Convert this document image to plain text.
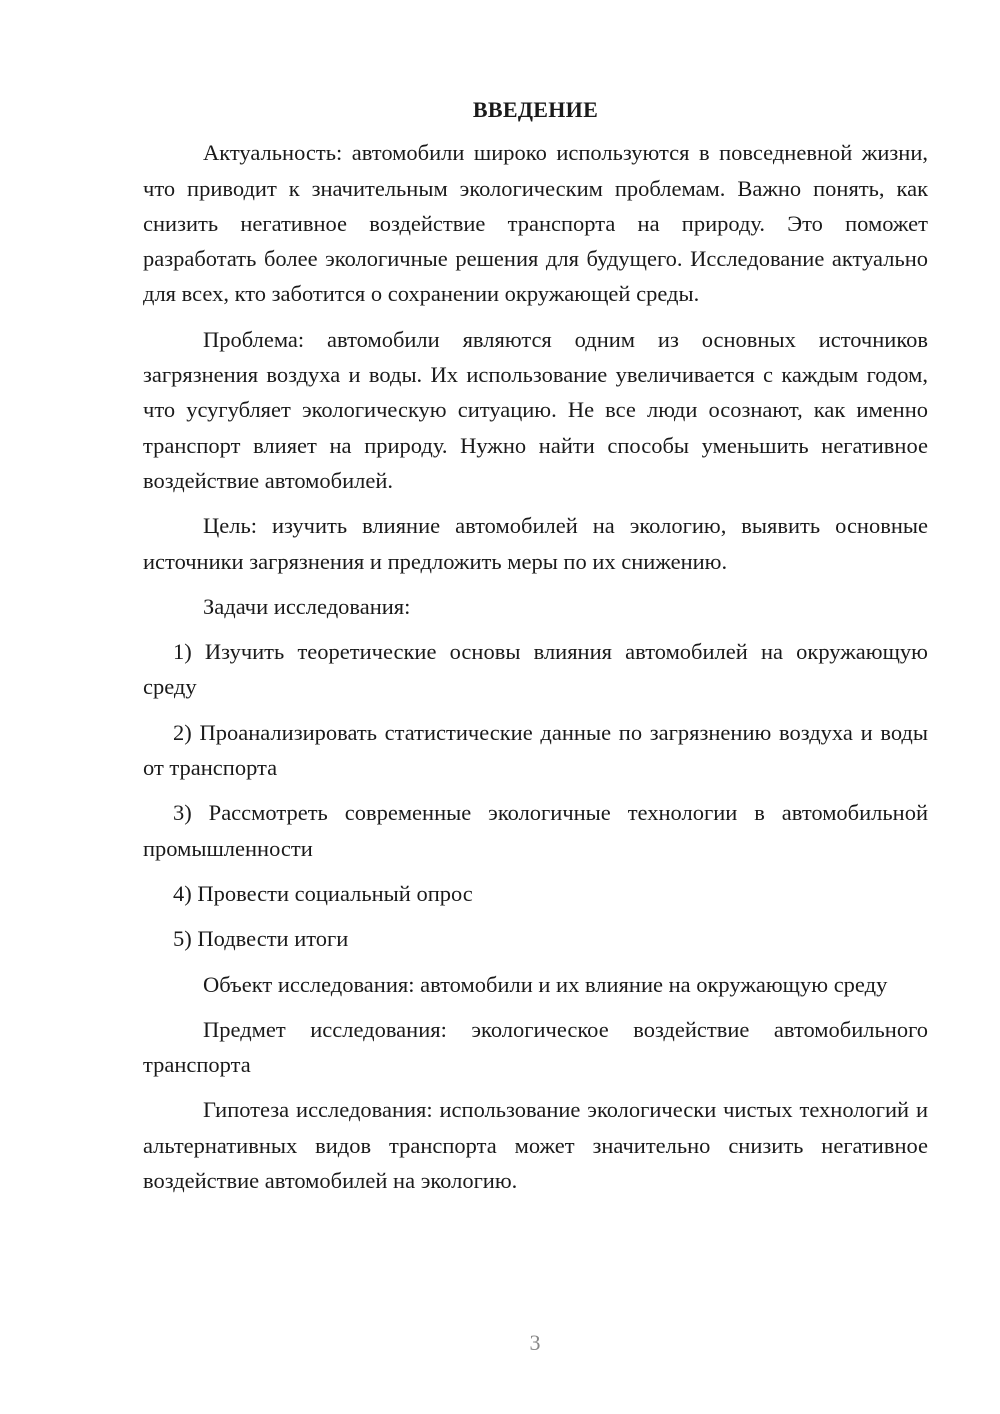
ВВЕДЕНИЕ

Актуальность: автомобили широко используются в повседневной жизни, что приводит к значительным экологическим проблемам. Важно понять, как снизить негативное воздействие транспорта на природу. Это поможет разработать более экологичные решения для будущего. Исследование актуально для всех, кто заботится о сохранении окружающей среды.

Проблема: автомобили являются одним из основных источников загрязнения воздуха и воды. Их использование увеличивается с каждым годом, что усугубляет экологическую ситуацию. Не все люди осознают, как именно транспорт влияет на природу. Нужно найти способы уменьшить негативное воздействие автомобилей.

Цель: изучить влияние автомобилей на экологию, выявить основные источники загрязнения и предложить меры по их снижению.

Задачи исследования:

1) Изучить теоретические основы влияния автомобилей на окружающую среду

2) Проанализировать статистические данные по загрязнению воздуха и воды от транспорта

3) Рассмотреть современные экологичные технологии в автомобильной промышленности

4) Провести социальный опрос

5) Подвести итоги

Объект исследования: автомобили и их влияние на окружающую среду

Предмет исследования: экологическое воздействие автомобильного транспорта

Гипотеза исследования: использование экологически чистых технологий и альтернативных видов транспорта может значительно снизить негативное воздействие автомобилей на экологию.

3
